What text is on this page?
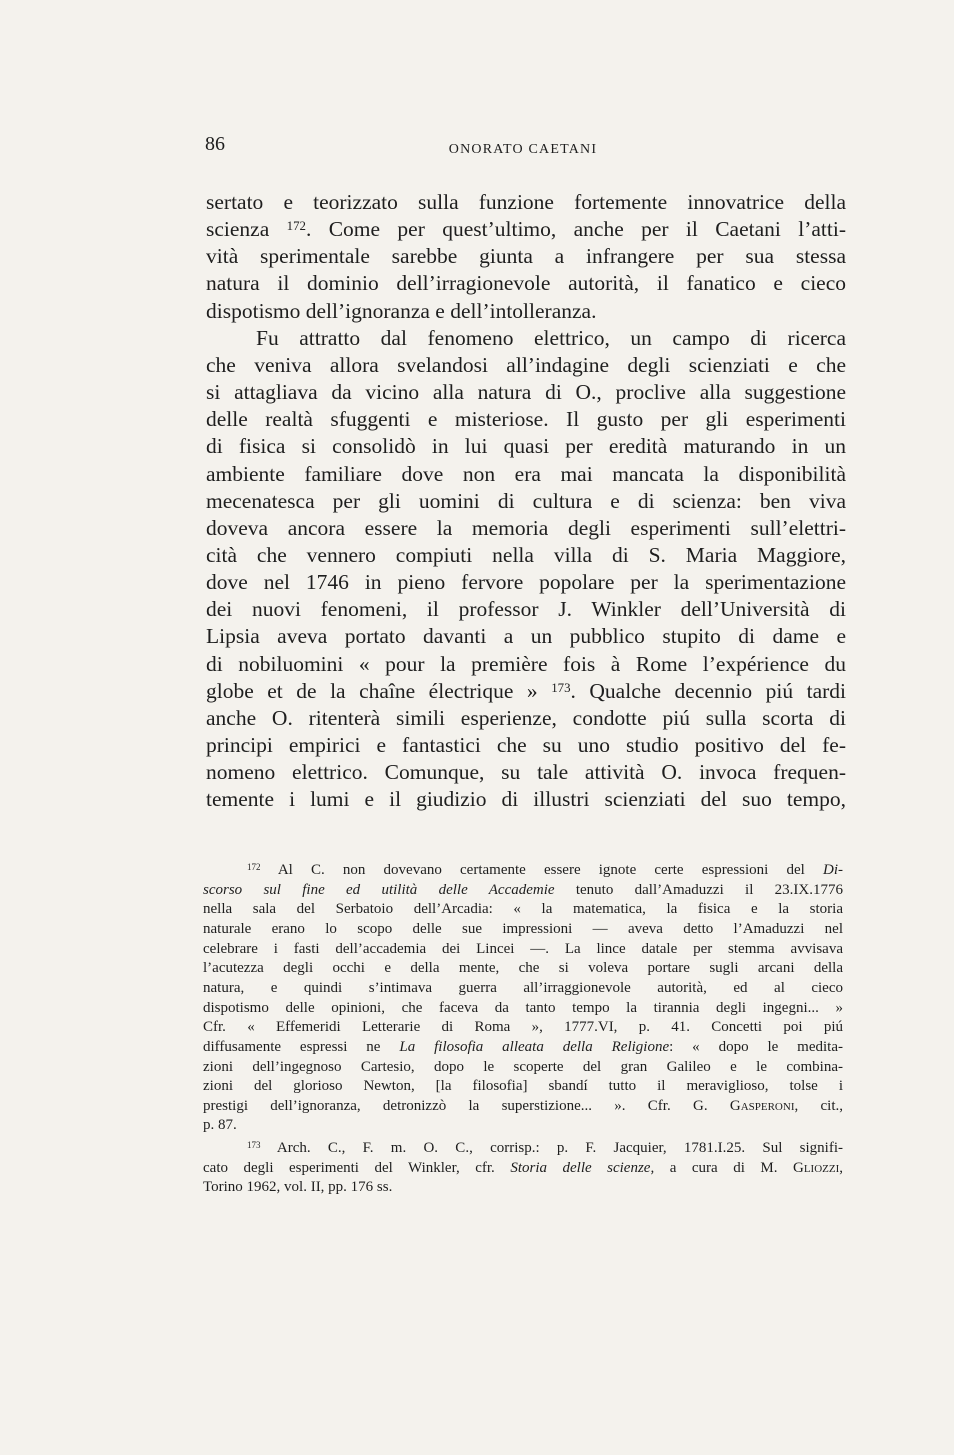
86	ONORATO CAETANI
sertato e teorizzato sulla funzione fortemente innovatrice della
scienza $^{172}$. Come per quest’ultimo, anche per il Caetani l’atti-
vità sperimentale sarebbe giunta a infrangere per sua stessa
natura il dominio dell’irragionevole autorità, il fanatico e cieco
dispotismo dell’ignoranza e dell’intolleranza.
Fu attratto dal fenomeno elettrico, un campo di ricerca
che veniva allora svelandosi all’indagine degli scienziati e che
si attagliava da vicino alla natura di O., proclive alla suggestione
delle realtà sfuggenti e misteriose. Il gusto per gli esperimenti
di fisica si consolidò in lui quasi per eredità maturando in un
ambiente familiare dove non era mai mancata la disponibilità
mecenatesca per gli uomini di cultura e di scienza: ben viva
doveva ancora essere la memoria degli esperimenti sull’elettri-
cità che vennero compiuti nella villa di S. Maria Maggiore,
dove nel 1746 in pieno fervore popolare per la sperimentazione
dei nuovi fenomeni, il professor J. Winkler dell’Università di
Lipsia aveva portato davanti a un pubblico stupito di dame e
di nobiluomini « pour la première fois à Rome l’expérience du
globe et de la chaîne électrique » $^{173}$. Qualche decennio piú tardi
anche O. ritenterà simili esperienze, condotte piú sulla scorta di
principi empirici e fantastici che su uno studio positivo del fe-
nomeno elettrico. Comunque, su tale attività O. invoca frequen-
temente i lumi e il giudizio di illustri scienziati del suo tempo,
$^{172}$ Al C. non dovevano certamente essere ignote certe espressioni del Di-
scorso sul fine ed utilità delle Accademie tenuto dall’Amaduzzi il 23.IX.1776
nella sala del Serbatoio dell’Arcadia: « la matematica, la fisica e la storia
naturale erano lo scopo delle sue impressioni — aveva detto l’Amaduzzi nel
celebrare i fasti dell’accademia dei Lincei —. La lince datale per stemma avvisava
l’acutezza degli occhi e della mente, che si voleva portare sugli arcani della
natura, e quindi s’intimava guerra all’irraggionevole autorità, ed al cieco
dispotismo delle opinioni, che faceva da tanto tempo la tirannia degli ingegni... »
Cfr. « Effemeridi Letterarie di Roma », 1777.VI, p. 41. Concetti poi piú
diffusamente espressi ne La filosofia alleata della Religione: « dopo le medita-
zioni dell’ingegnoso Cartesio, dopo le scoperte del gran Galileo e le combina-
zioni del glorioso Newton, [la filosofia] sbandí tutto il meraviglioso, tolse i
prestigi dell’ignoranza, detronizzò la superstizione... ». Cfr. G. Gasperoni, cit.,
p. 87.
$^{173}$ Arch. C., F. m. O. C., corrisp.: p. F. Jacquier, 1781.I.25. Sul signifi-
cato degli esperimenti del Winkler, cfr. Storia delle scienze, a cura di M. Gliozzi,
Torino 1962, vol. II, pp. 176 ss.
